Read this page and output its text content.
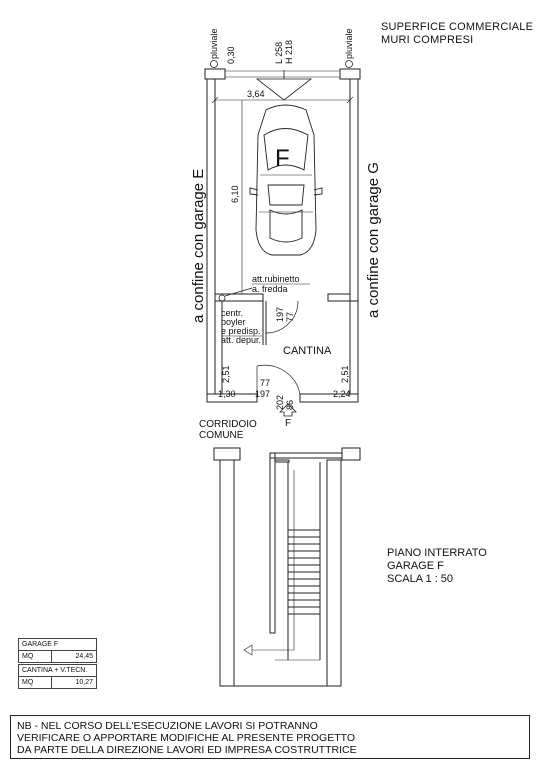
SUPERFICE COMMERCIALE
MURI COMPRESI
pluviale	pluviale
0,30	L 258 H 218
3,64
6,10
F
a confine con garage E	a confine con garage G
att.rubinetto
a. fredda
centr.
boyler
e predisp.
att. depur.
197 77
CANTINA
2,51	2,51
1,30	2,24
77
197
202 86
F
CORRIDOIO
COMUNE
GARAGE F
MQ	24,45
CANTINA + V.TECN.
MQ	10,27
PIANO INTERRATO
GARAGE F
SCALA 1 : 50
NB - NEL CORSO DELL'ESECUZIONE LAVORI SI POTRANNO
VERIFICARE O APPORTARE MODIFICHE AL PRESENTE PROGETTO
DA PARTE DELLA DIREZIONE LAVORI ED IMPRESA COSTRUTTRICE
